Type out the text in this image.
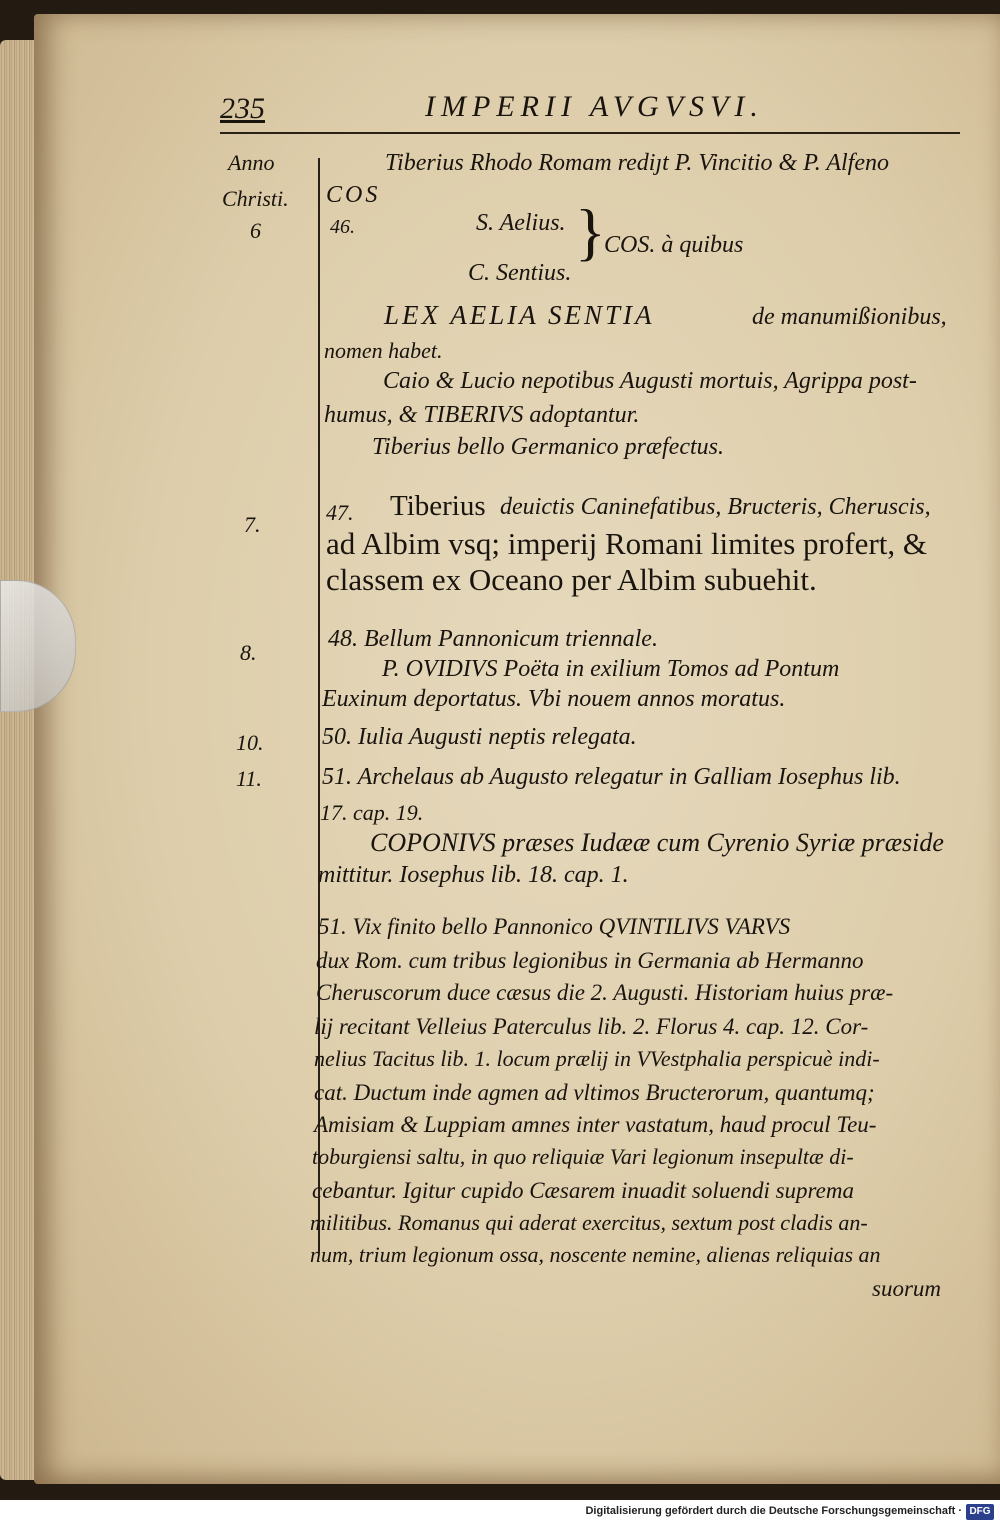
235	IMPERII AVGVSVI.
Anno
Christi.
6
7.
8.
10.
11.
Tiberius Rhodo Romam rediȷt P. Vincitio & P. Alfeno
COS
46.	S. Aelius. }
COS. à quibus
C. Sentius.
LEX AELIA SENTIA	de manumißionibus,
nomen habet.
Caio & Lucio nepotibus Augusti mortuis, Agrippa post-
humus, & TIBERIVS adoptantur.
Tiberius bello Germanico præfectus.
47. Tiberius deuictis Caninefatibus, Bructeris, Cheruscis,
ad Albim vsq; imperij Romani limites profert, &
classem ex Oceano per Albim subuehit.
48. Bellum Pannonicum triennale.
P. OVIDIVS Poëta in exilium Tomos ad Pontum
Euxinum deportatus. Vbi nouem annos moratus.
50. Iulia Augusti neptis relegata.
51. Archelaus ab Augusto relegatur in Galliam Iosephus lib.
17. cap. 19.
COPONIVS præses Iudææ cum Cyrenio Syriæ præside
mittitur. Iosephus lib. 18. cap. 1.
51. Vix finito bello Pannonico QVINTILIVS VARVS
dux Rom. cum tribus legionibus in Germania ab Hermanno
Cheruscorum duce cæsus die 2. Augusti. Historiam huius præ-
lij recitant Velleius Paterculus lib. 2. Florus 4. cap. 12. Cor-
nelius Tacitus lib. 1. locum prælij in VVestphalia perspicuè indi-
cat. Ductum inde agmen ad vltimos Bructerorum, quantumq;
Amisiam & Luppiam amnes inter vastatum, haud procul Teu-
toburgiensi saltu, in quo reliquiæ Vari legionum insepultæ di-
cebantur. Igitur cupido Cæsarem inuadit soluendi suprema
militibus. Romanus qui aderat exercitus, sextum post cladis an-
num, trium legionum ossa, noscente nemine, alienas reliquias an
suorum
Digitalisierung gefördert durch die Deutsche Forschungsgemeinschaft · DFG
